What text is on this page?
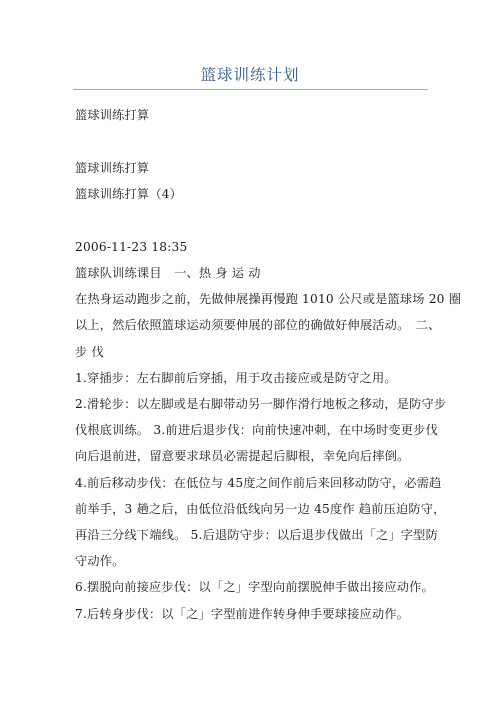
篮球训练计划
篮球训练打算
篮球训练打算
篮球训练打算（4）
2006-11-23 18:35
篮球队训练课目　一、热 身 运 动
在热身运动跑步之前，先做伸展操再慢跑 1010 公尺或是篮球场 20 圈
以上，然后依照篮球运动须要伸展的部位的确做好伸展活动。　二、
步 伐
1.穿插步：左右脚前后穿插，用于攻击接应或是防守之用。
2.滑轮步：以左脚或是右脚带动另一脚作滑行地板之移动，是防守步
伐根底训练。 3.前进后退步伐：向前快速冲刺，在中场时变更步伐
向后退前进，留意要求球员必需提起后脚根，幸免向后摔倒。
4.前后移动步伐：在低位与 45度之间作前后来回移动防守，必需趋
前举手，3 趟之后，由低位沿低线向另一边 45度作 趋前压迫防守，
再沿三分线下端线。 5.后退防守步：以后退步伐做出「之」字型防
守动作。
6.摆脱向前接应步伐：以「之」字型向前摆脱伸手做出接应动作。
7.后转身步伐：以「之」字型前进作转身伸手要球接应动作。
